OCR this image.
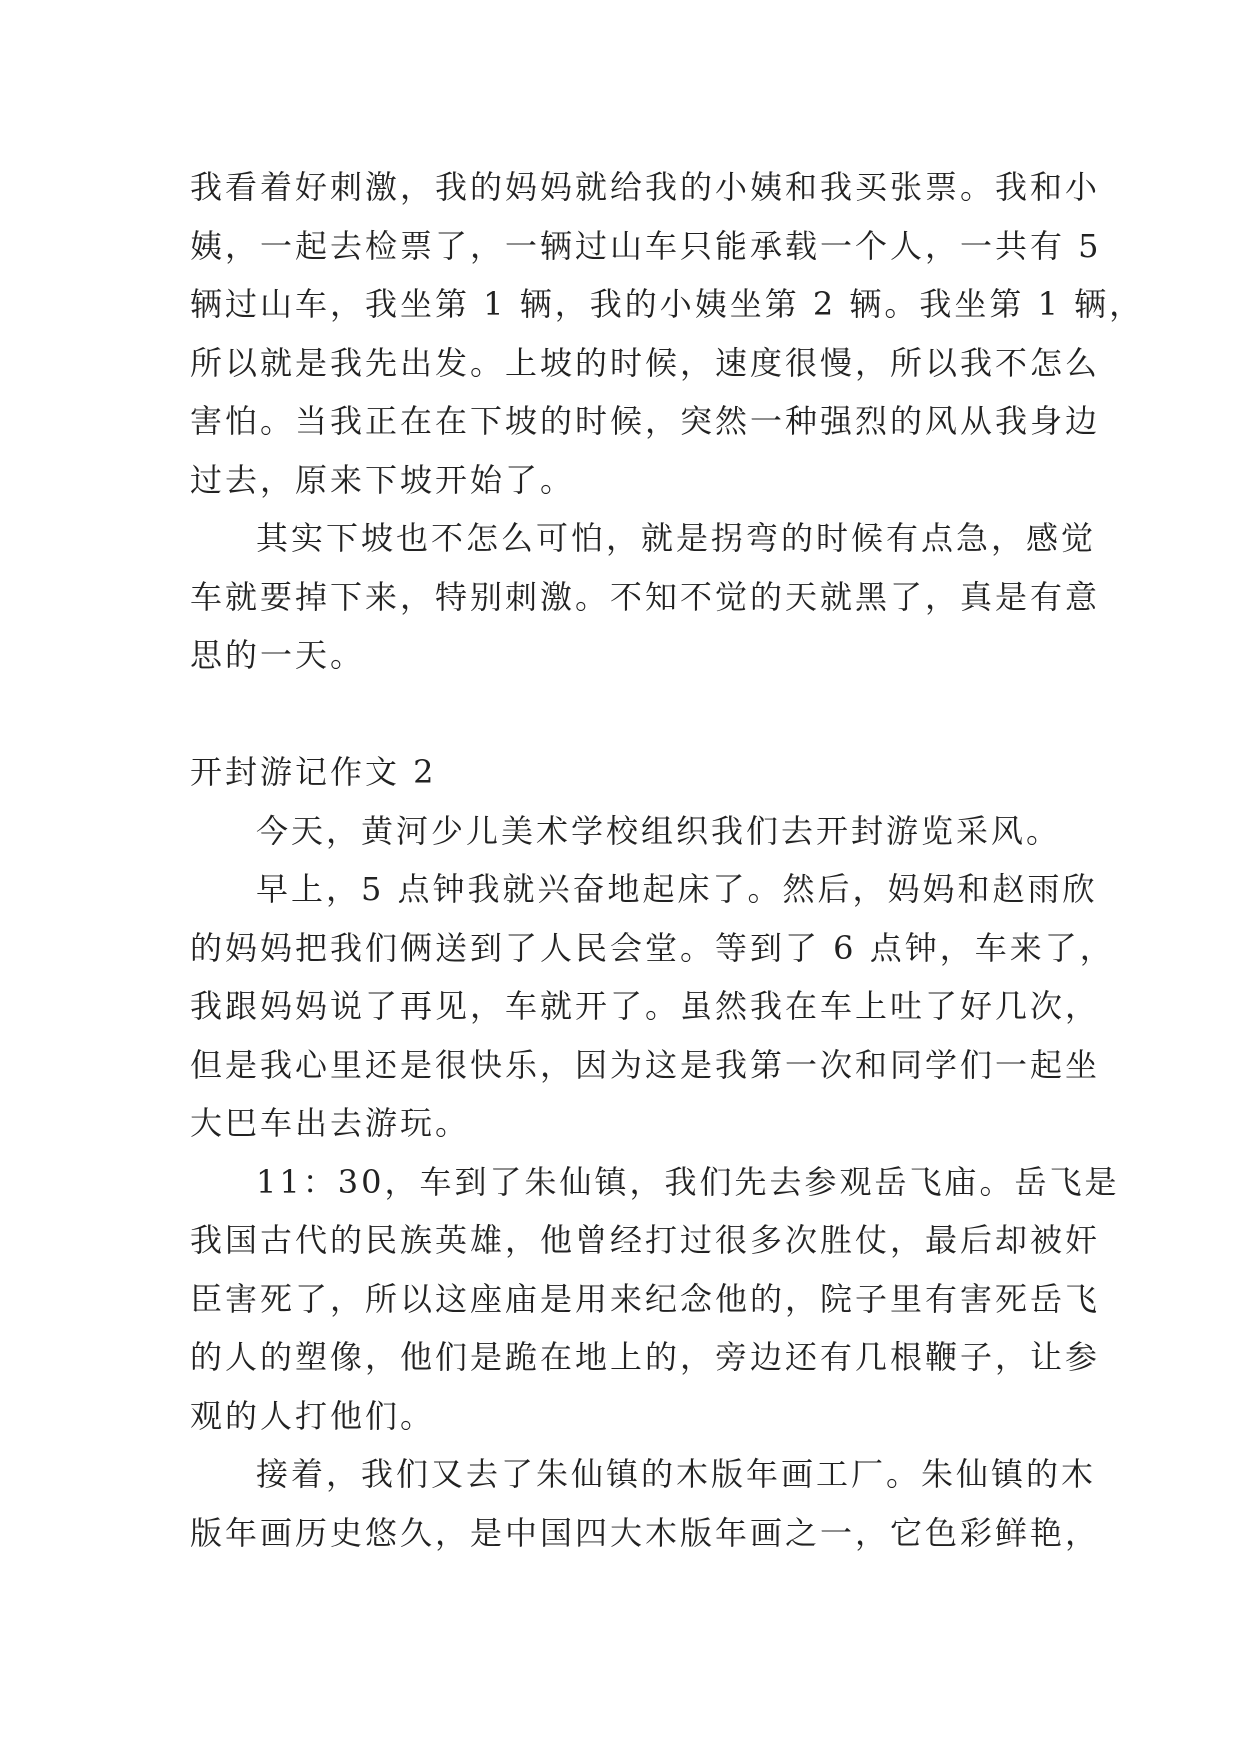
我看着好刺激，我的妈妈就给我的小姨和我买张票。我和小
姨，一起去检票了，一辆过山车只能承载一个人，一共有 5
辆过山车，我坐第 1 辆，我的小姨坐第 2 辆。我坐第 1 辆，
所以就是我先出发。上坡的时候，速度很慢，所以我不怎么
害怕。当我正在在下坡的时候，突然一种强烈的风从我身边
过去，原来下坡开始了。
其实下坡也不怎么可怕，就是拐弯的时候有点急，感觉
车就要掉下来，特别刺激。不知不觉的天就黑了，真是有意
思的一天。
开封游记作文 2
今天，黄河少儿美术学校组织我们去开封游览采风。
早上，5 点钟我就兴奋地起床了。然后，妈妈和赵雨欣
的妈妈把我们俩送到了人民会堂。等到了 6 点钟，车来了，
我跟妈妈说了再见，车就开了。虽然我在车上吐了好几次，
但是我心里还是很快乐，因为这是我第一次和同学们一起坐
大巴车出去游玩。
11：30，车到了朱仙镇，我们先去参观岳飞庙。岳飞是
我国古代的民族英雄，他曾经打过很多次胜仗，最后却被奸
臣害死了，所以这座庙是用来纪念他的，院子里有害死岳飞
的人的塑像，他们是跪在地上的，旁边还有几根鞭子，让参
观的人打他们。
接着，我们又去了朱仙镇的木版年画工厂。朱仙镇的木
版年画历史悠久，是中国四大木版年画之一，它色彩鲜艳，
